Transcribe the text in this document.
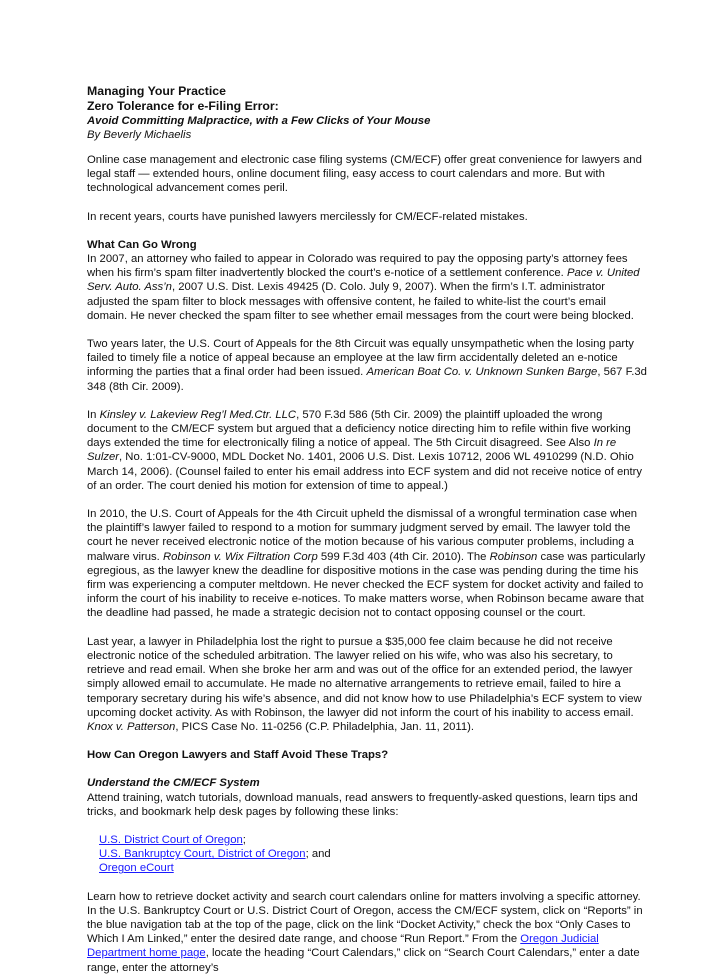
Managing Your Practice
Zero Tolerance for e-Filing Error:
Avoid Committing Malpractice, with a Few Clicks of Your Mouse
By Beverly Michaelis

Online case management and electronic case filing systems (CM/ECF) offer great convenience for lawyers and legal staff — extended hours, online document filing, easy access to court calendars and more. But with technological advancement comes peril.

In recent years, courts have punished lawyers mercilessly for CM/ECF-related mistakes.

What Can Go Wrong

In 2007, an attorney who failed to appear in Colorado was required to pay the opposing party’s attorney fees when his firm’s spam filter inadvertently blocked the court’s e-notice of a settlement conference. Pace v. United Serv. Auto. Ass’n, 2007 U.S. Dist. Lexis 49425 (D. Colo. July 9, 2007). When the firm’s I.T. administrator adjusted the spam filter to block messages with offensive content, he failed to white-list the court’s email domain. He never checked the spam filter to see whether email messages from the court were being blocked.

Two years later, the U.S. Court of Appeals for the 8th Circuit was equally unsympathetic when the losing party failed to timely file a notice of appeal because an employee at the law firm accidentally deleted an e-notice informing the parties that a final order had been issued. American Boat Co. v. Unknown Sunken Barge, 567 F.3d 348 (8th Cir. 2009).

In Kinsley v. Lakeview Reg’l Med.Ctr. LLC, 570 F.3d 586 (5th Cir. 2009) the plaintiff uploaded the wrong document to the CM/ECF system but argued that a deficiency notice directing him to refile within five working days extended the time for electronically filing a notice of appeal. The 5th Circuit disagreed. See Also In re Sulzer, No. 1:01-CV-9000, MDL Docket No. 1401, 2006 U.S. Dist. Lexis 10712, 2006 WL 4910299 (N.D. Ohio March 14, 2006). (Counsel failed to enter his email address into ECF system and did not receive notice of entry of an order. The court denied his motion for extension of time to appeal.)

In 2010, the U.S. Court of Appeals for the 4th Circuit upheld the dismissal of a wrongful termination case when the plaintiff’s lawyer failed to respond to a motion for summary judgment served by email. The lawyer told the court he never received electronic notice of the motion because of his various computer problems, including a malware virus. Robinson v. Wix Filtration Corp 599 F.3d 403 (4th Cir. 2010). The Robinson case was particularly egregious, as the lawyer knew the deadline for dispositive motions in the case was pending during the time his firm was experiencing a computer meltdown. He never checked the ECF system for docket activity and failed to inform the court of his inability to receive e-notices. To make matters worse, when Robinson became aware that the deadline had passed, he made a strategic decision not to contact opposing counsel or the court.

Last year, a lawyer in Philadelphia lost the right to pursue a $35,000 fee claim because he did not receive electronic notice of the scheduled arbitration. The lawyer relied on his wife, who was also his secretary, to retrieve and read email. When she broke her arm and was out of the office for an extended period, the lawyer simply allowed email to accumulate. He made no alternative arrangements to retrieve email, failed to hire a temporary secretary during his wife’s absence, and did not know how to use Philadelphia’s ECF system to view upcoming docket activity. As with Robinson, the lawyer did not inform the court of his inability to access email. Knox v. Patterson, PICS Case No. 11-0256 (C.P. Philadelphia, Jan. 11, 2011).

How Can Oregon Lawyers and Staff Avoid These Traps?

Understand the CM/ECF System

Attend training, watch tutorials, download manuals, read answers to frequently-asked questions, learn tips and tricks, and bookmark help desk pages by following these links:

U.S. District Court of Oregon;
U.S. Bankruptcy Court, District of Oregon; and
Oregon eCourt

Learn how to retrieve docket activity and search court calendars online for matters involving a specific attorney. In the U.S. Bankruptcy Court or U.S. District Court of Oregon, access the CM/ECF system, click on “Reports” in the blue navigation tab at the top of the page, click on the link “Docket Activity,” check the box “Only Cases to Which I Am Linked,” enter the desired date range, and choose “Run Report.” From the Oregon Judicial Department home page, locate the heading “Court Calendars,” click on “Search Court Calendars,” enter a date range, enter the attorney’s
